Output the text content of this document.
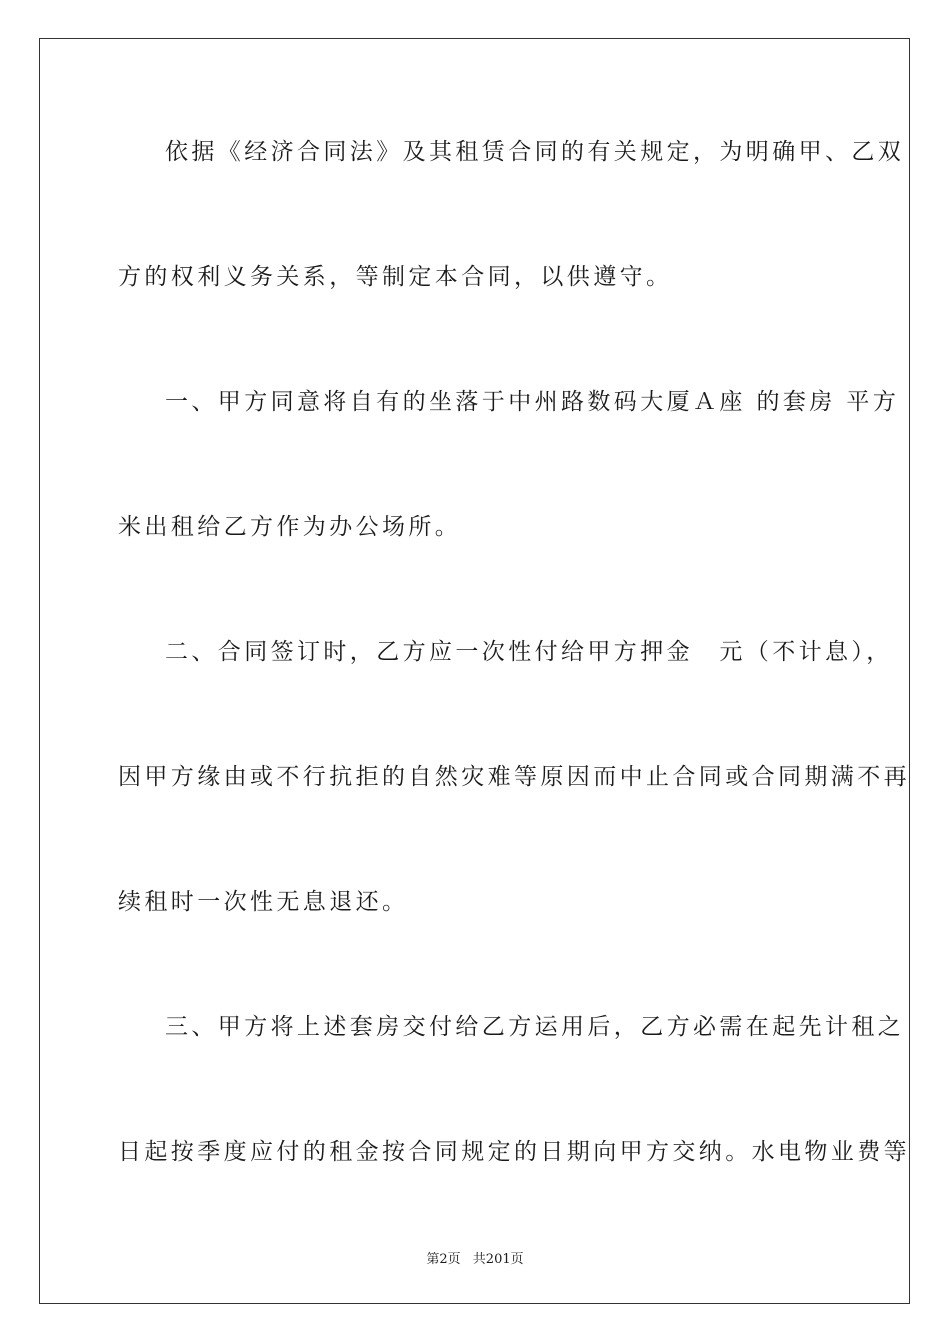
依据《经济合同法》及其租赁合同的有关规定，为明确甲、乙双
方的权利义务关系，等制定本合同，以供遵守。
一、甲方同意将自有的坐落于中州路数码大厦Ａ座 的套房 平方
米出租给乙方作为办公场所。
二、合同签订时，乙方应一次性付给甲方押金　元（不计息），
因甲方缘由或不行抗拒的自然灾难等原因而中止合同或合同期满不再
续租时一次性无息退还。
三、甲方将上述套房交付给乙方运用后，乙方必需在起先计租之
日起按季度应付的租金按合同规定的日期向甲方交纳。水电物业费等
第2页 共201页
